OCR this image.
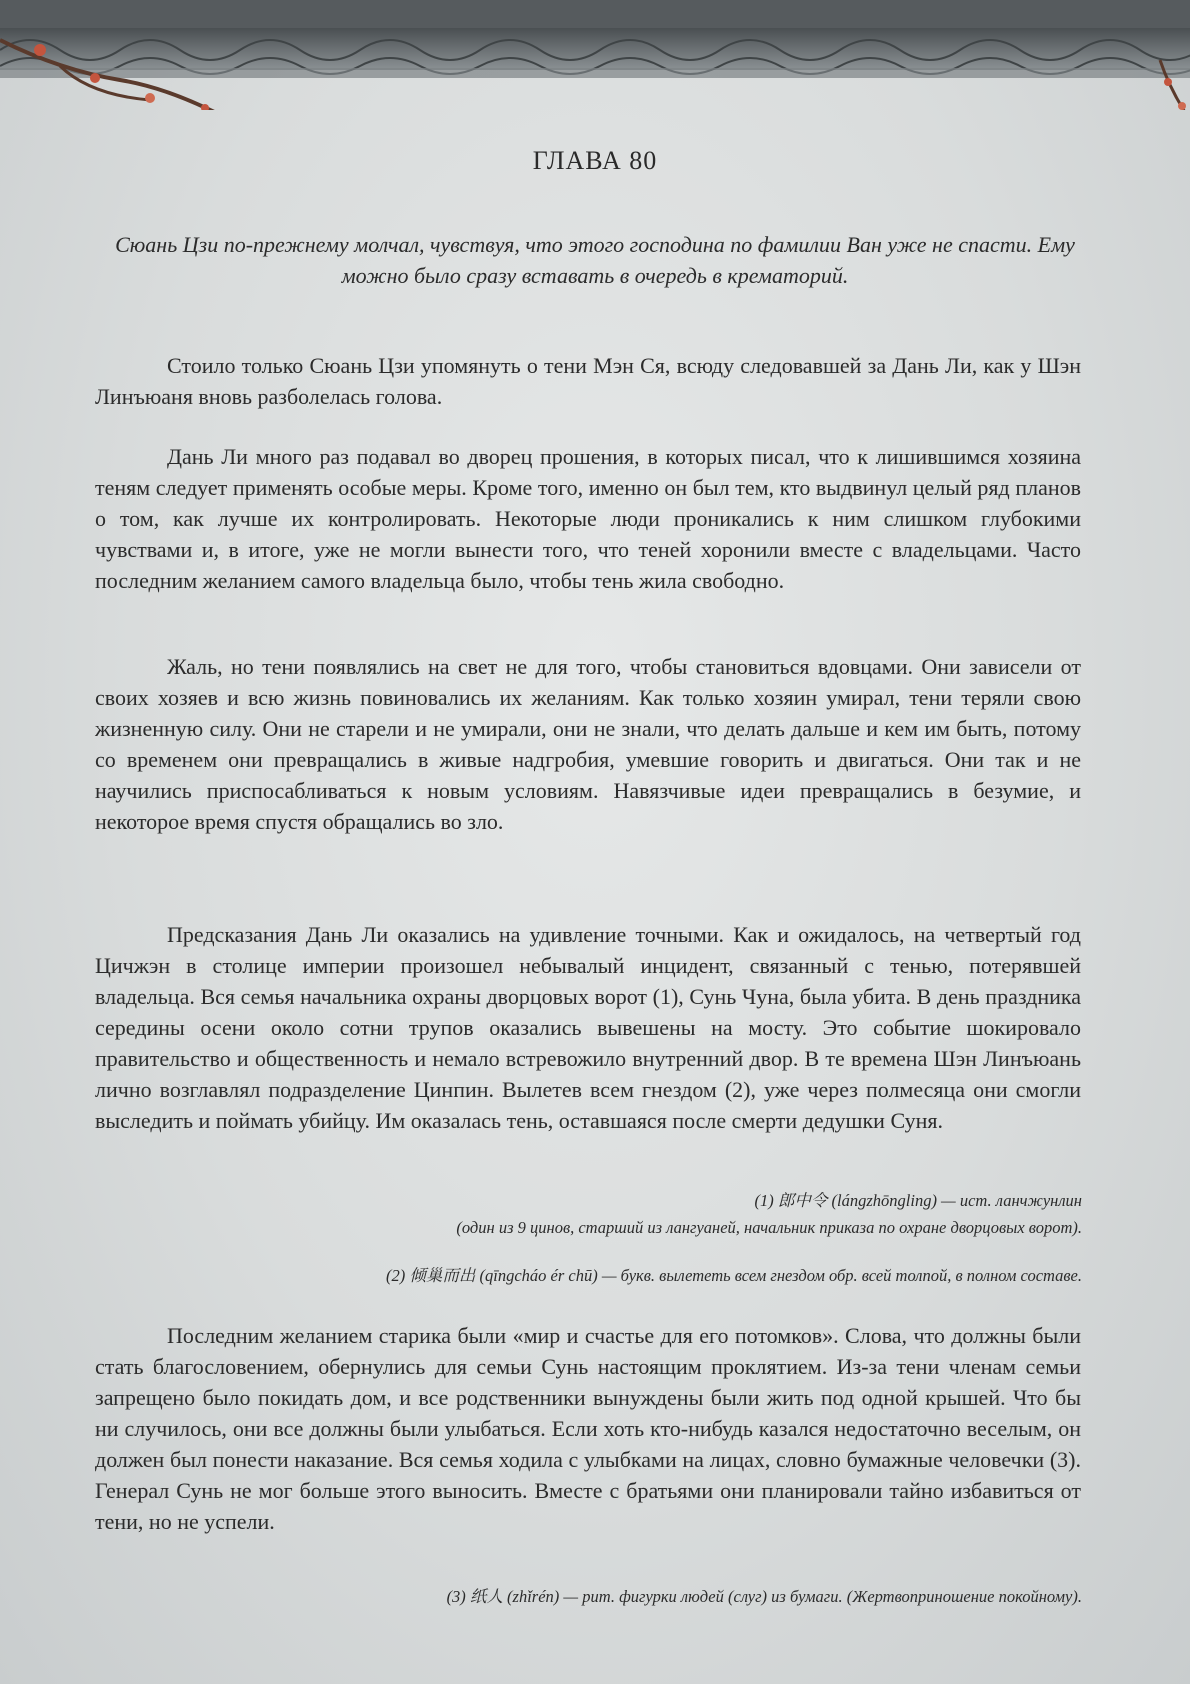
ГЛАВА 80
Сюань Цзи по-прежнему молчал, чувствуя, что этого господина по фамилии Ван уже не спасти. Ему можно было сразу вставать в очередь в крематорий.

Стоило только Сюань Цзи упомянуть о тени Мэн Ся, всюду следовавшей за Дань Ли, как у Шэн Линъюаня вновь разболелась голова.

Дань Ли много раз подавал во дворец прошения, в которых писал, что к лишившимся хозяина теням следует применять особые меры. Кроме того, именно он был тем, кто выдвинул целый ряд планов о том, как лучше их контролировать. Некоторые люди проникались к ним слишком глубокими чувствами и, в итоге, уже не могли вынести того, что теней хоронили вместе с владельцами. Часто последним желанием самого владельца было, чтобы тень жила свободно.

Жаль, но тени появлялись на свет не для того, чтобы становиться вдовцами. Они зависели от своих хозяев и всю жизнь повиновались их желаниям. Как только хозяин умирал, тени теряли свою жизненную силу. Они не старели и не умирали, они не знали, что делать дальше и кем им быть, потому со временем они превращались в живые надгробия, умевшие говорить и двигаться. Они так и не научились приспосабливаться к новым условиям. Навязчивые идеи превращались в безумие, и некоторое время спустя обращались во зло.

Предсказания Дань Ли оказались на удивление точными. Как и ожидалось, на четвертый год Цичжэн в столице империи произошел небывалый инцидент, связанный с тенью, потерявшей владельца. Вся семья начальника охраны дворцовых ворот (1), Сунь Чуна, была убита. В день праздника середины осени около сотни трупов оказались вывешены на мосту. Это событие шокировало правительство и общественность и немало встревожило внутренний двор. В те времена Шэн Линъюань лично возглавлял подразделение Цинпин. Вылетев всем гнездом (2), уже через полмесяца они смогли выследить и поймать убийцу. Им оказалась тень, оставшаяся после смерти дедушки Суня.

(1) 郎中令 (lángzhōngling) — ист. ланчжунлин
(один из 9 цинов, старший из лангуаней, начальник приказа по охране дворцовых ворот).
(2) 倾巢而出 (qīngcháo ér chū) — букв. вылететь всем гнездом обр. всей толпой, в полном составе.

Последним желанием старика были «мир и счастье для его потомков». Слова, что должны были стать благословением, обернулись для семьи Сунь настоящим проклятием. Из-за тени членам семьи запрещено было покидать дом, и все родственники вынуждены были жить под одной крышей. Что бы ни случилось, они все должны были улыбаться. Если хоть кто-нибудь казался недостаточно веселым, он должен был понести наказание. Вся семья ходила с улыбками на лицах, словно бумажные человечки (3). Генерал Сунь не мог больше этого выносить. Вместе с братьями они планировали тайно избавиться от тени, но не успели.

(3) 纸人 (zhǐrén) — рит. фигурки людей (слуг) из бумаги. (Жертвоприношение покойному).
